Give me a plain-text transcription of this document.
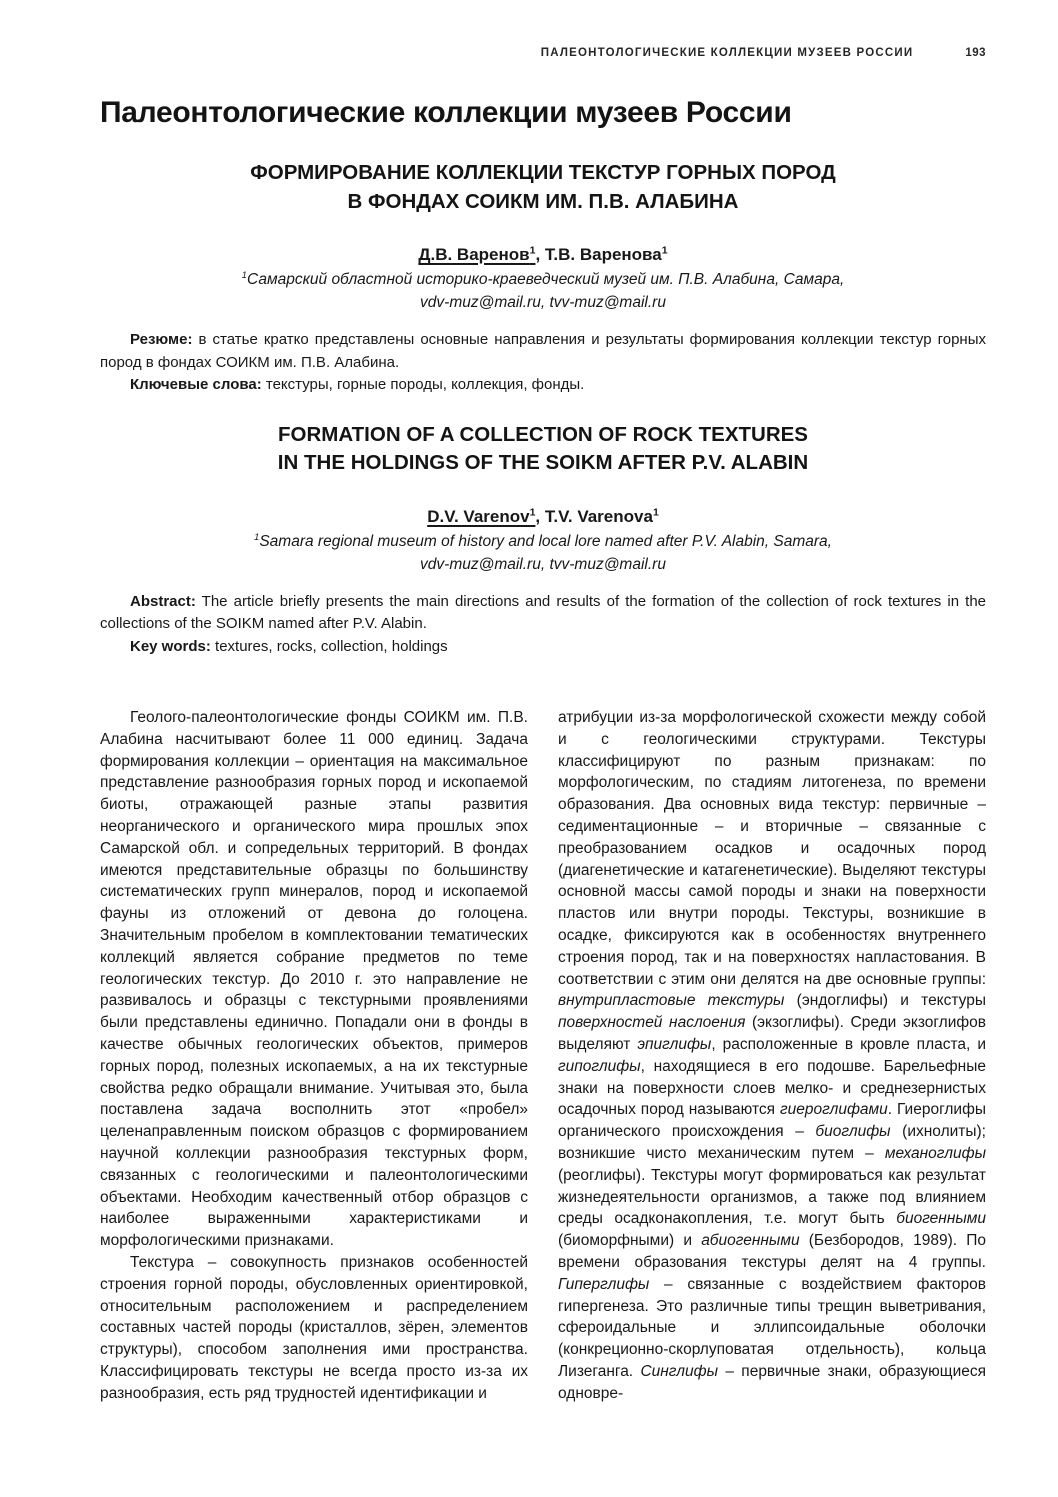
ПАЛЕОНТОЛОГИЧЕСКИЕ КОЛЛЕКЦИИ МУЗЕЕВ РОССИИ	193
Палеонтологические коллекции музеев России
ФОРМИРОВАНИЕ КОЛЛЕКЦИИ ТЕКСТУР ГОРНЫХ ПОРОД
В ФОНДАХ СОИКМ ИМ. П.В. АЛАБИНА
Д.В. Варенов$^1$, Т.В. Варенова$^1$
$^1$Самарский областной историко-краеведческий музей им. П.В. Алабина, Самара,
vdv-muz@mail.ru, tvv-muz@mail.ru

Резюме: в статье кратко представлены основные направления и результаты формирования коллекции текстур горных пород в фондах СОИКМ им. П.В. Алабина.

Ключевые слова: текстуры, горные породы, коллекция, фонды.

FORMATION OF A COLLECTION OF ROCK TEXTURES
IN THE HOLDINGS OF THE SOIKM AFTER P.V. ALABIN
D.V. Varenov$^1$, T.V. Varenova$^1$
$^1$Samara regional museum of history and local lore named after P.V. Alabin, Samara,
vdv-muz@mail.ru, tvv-muz@mail.ru

Abstract: The article briefly presents the main directions and results of the formation of the collection of rock textures in the collections of the SOIKM named after P.V. Alabin.

Key words: textures, rocks, collection, holdings

Геолого-палеонтологические фонды СОИКМ им. П.В. Алабина насчитывают более 11 000 единиц. Задача формирования коллекции – ориентация на максимальное представление разнообразия горных пород и ископаемой биоты, отражающей разные этапы развития неорганического и органического мира прошлых эпох Самарской обл. и сопредельных территорий. В фондах имеются представительные образцы по большинству систематических групп минералов, пород и ископаемой фауны из отложений от девона до голоцена. Значительным пробелом в комплектовании тематических коллекций является собрание предметов по теме геологических текстур. До 2010 г. это направление не развивалось и образцы с текстурными проявлениями были представлены единично. Попадали они в фонды в качестве обычных геологических объектов, примеров горных пород, полезных ископаемых, а на их текстурные свойства редко обращали внимание. Учитывая это, была поставлена задача восполнить этот «пробел» целенаправленным поиском образцов с формированием научной коллекции разнообразия текстурных форм, связанных с геологическими и палеонтологическими объектами. Необходим качественный отбор образцов с наиболее выраженными характеристиками и морфологическими признаками.

Текстура – совокупность признаков особенностей строения горной породы, обусловленных ориентировкой, относительным расположением и распределением составных частей породы (кристаллов, зёрен, элементов структуры), способом заполнения ими пространства. Классифицировать текстуры не всегда просто из-за их разнообразия, есть ряд трудностей идентификации и

атрибуции из-за морфологической схожести между собой и с геологическими структурами. Текстуры классифицируют по разным признакам: по морфологическим, по стадиям литогенеза, по времени образования. Два основных вида текстур: первичные – седиментационные – и вторичные – связанные с преобразованием осадков и осадочных пород (диагенетические и катагенетические). Выделяют текстуры основной массы самой породы и знаки на поверхности пластов или внутри породы. Текстуры, возникшие в осадке, фиксируются как в особенностях внутреннего строения пород, так и на поверхностях напластования. В соответствии с этим они делятся на две основные группы: внутрипластовые текстуры (эндоглифы) и текстуры поверхностей наслоения (экзоглифы). Среди экзоглифов выделяют эпиглифы, расположенные в кровле пласта, и гипоглифы, находящиеся в его подошве. Барельефные знаки на поверхности слоев мелко- и среднезернистых осадочных пород называются гиероглифами. Гиероглифы органического происхождения – биоглифы (ихнолиты); возникшие чисто механическим путем – механоглифы (реоглифы). Текстуры могут формироваться как результат жизнедеятельности организмов, а также под влиянием среды осадконакопления, т.е. могут быть биогенными (биоморфными) и абиогенными (Безбородов, 1989). По времени образования текстуры делят на 4 группы. Гиперглифы – связанные с воздействием факторов гипергенеза. Это различные типы трещин выветривания, сфероидальные и эллипсоидальные оболочки (конкреционно-скорлуповатая отдельность), кольца Лизеганга. Синглифы – первичные знаки, образующиеся одновре-
